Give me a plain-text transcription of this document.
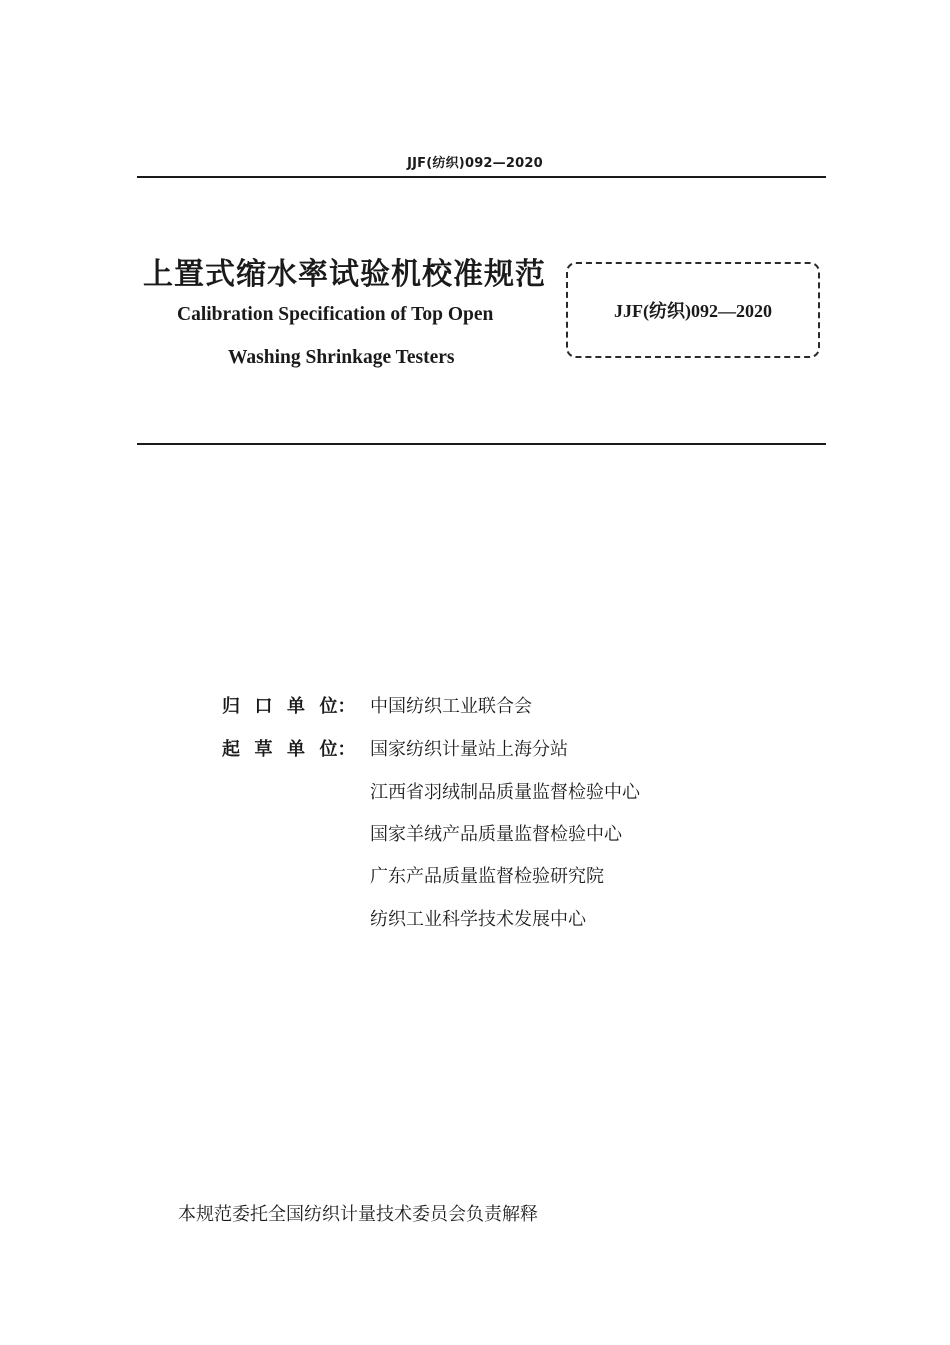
JJF(纺织)092—2020
上置式缩水率试验机校准规范
Calibration Specification of Top Open
Washing Shrinkage Testers
JJF(纺织)092—2020
归口单位： 中国纺织工业联合会
起草单位： 国家纺织计量站上海分站
江西省羽绒制品质量监督检验中心
国家羊绒产品质量监督检验中心
广东产品质量监督检验研究院
纺织工业科学技术发展中心
本规范委托全国纺织计量技术委员会负责解释
